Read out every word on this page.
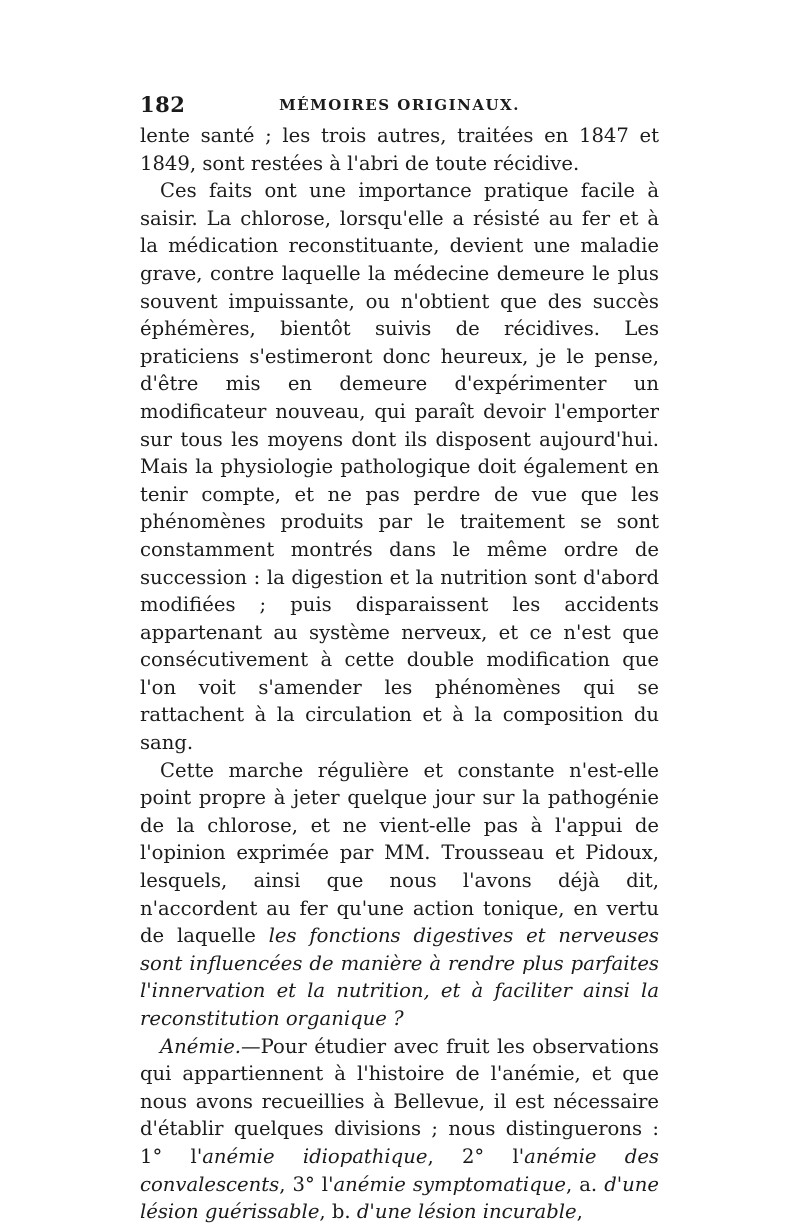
182	MÉMOIRES ORIGINAUX.

lente santé ; les trois autres, traitées en 1847 et 1849, sont restées à l'abri de toute récidive.

Ces faits ont une importance pratique facile à saisir. La chlorose, lorsqu'elle a résisté au fer et à la médication reconstituante, devient une maladie grave, contre laquelle la médecine demeure le plus souvent impuissante, ou n'obtient que des succès éphémères, bientôt suivis de récidives. Les praticiens s'estimeront donc heureux, je le pense, d'être mis en demeure d'expérimenter un modificateur nouveau, qui paraît devoir l'emporter sur tous les moyens dont ils disposent aujourd'hui. Mais la physiologie pathologique doit également en tenir compte, et ne pas perdre de vue que les phénomènes produits par le traitement se sont constamment montrés dans le même ordre de succession : la digestion et la nutrition sont d'abord modifiées ; puis disparaissent les accidents appartenant au système nerveux, et ce n'est que consécutivement à cette double modification que l'on voit s'amender les phénomènes qui se rattachent à la circulation et à la composition du sang.

Cette marche régulière et constante n'est-elle point propre à jeter quelque jour sur la pathogénie de la chlorose, et ne vient-elle pas à l'appui de l'opinion exprimée par MM. Trousseau et Pidoux, lesquels, ainsi que nous l'avons déjà dit, n'accordent au fer qu'une action tonique, en vertu de laquelle les fonctions digestives et nerveuses sont influencées de manière à rendre plus parfaites l'innervation et la nutrition, et à faciliter ainsi la reconstitution organique ?

Anémie.—Pour étudier avec fruit les observations qui appartiennent à l'histoire de l'anémie, et que nous avons recueillies à Bellevue, il est nécessaire d'établir quelques divisions ; nous distinguerons : 1° l'anémie idiopathique, 2° l'anémie des convalescents, 3° l'anémie symptomatique, a. d'une lésion guérissable, b. d'une lésion incurable,
